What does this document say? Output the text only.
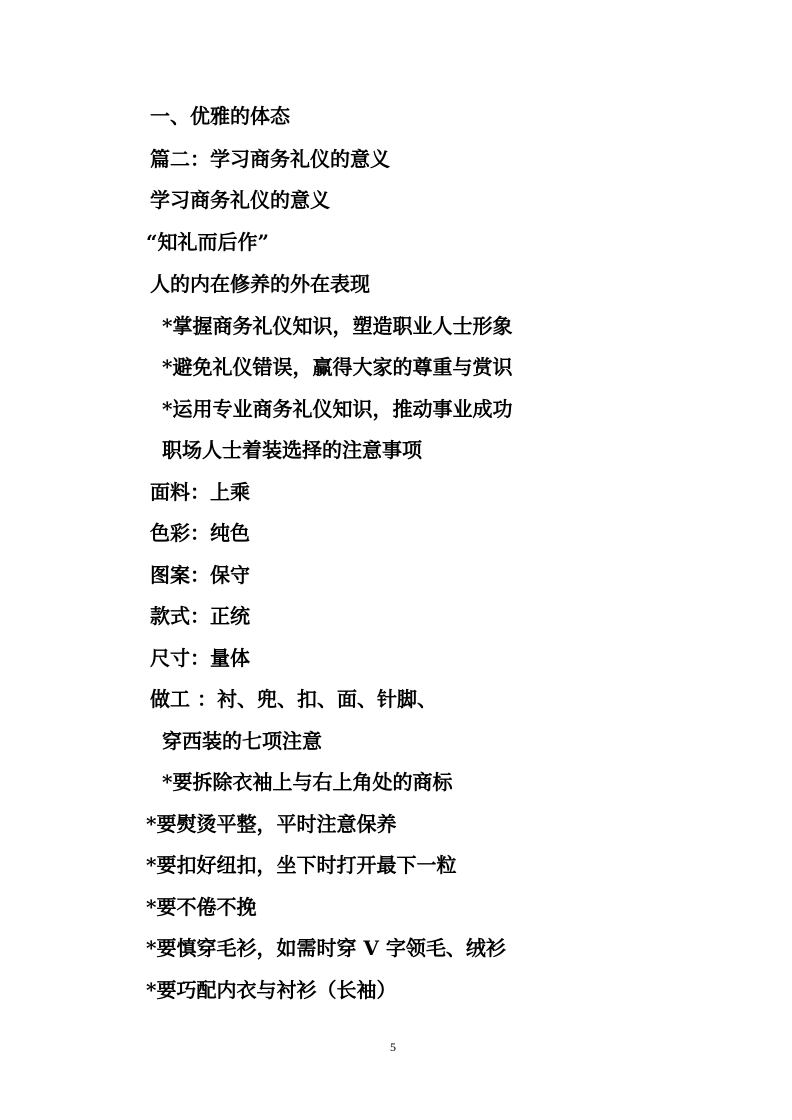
一、优雅的体态
篇二：学习商务礼仪的意义
学习商务礼仪的意义
“知礼而后作”
人的内在修养的外在表现
*掌握商务礼仪知识，塑造职业人士形象
*避免礼仪错误，赢得大家的尊重与赏识
*运用专业商务礼仪知识，推动事业成功
职场人士着装选择的注意事项
面料：上乘
色彩：纯色
图案：保守
款式：正统
尺寸：量体
做工 ：衬、兜、扣、面、针脚、
穿西装的七项注意
*要拆除衣袖上与右上角处的商标
*要熨烫平整，平时注意保养
*要扣好纽扣，坐下时打开最下一粒
*要不倦不挽
*要慎穿毛衫，如需时穿 V 字领毛、绒衫
*要巧配内衣与衬衫（长袖）
5
